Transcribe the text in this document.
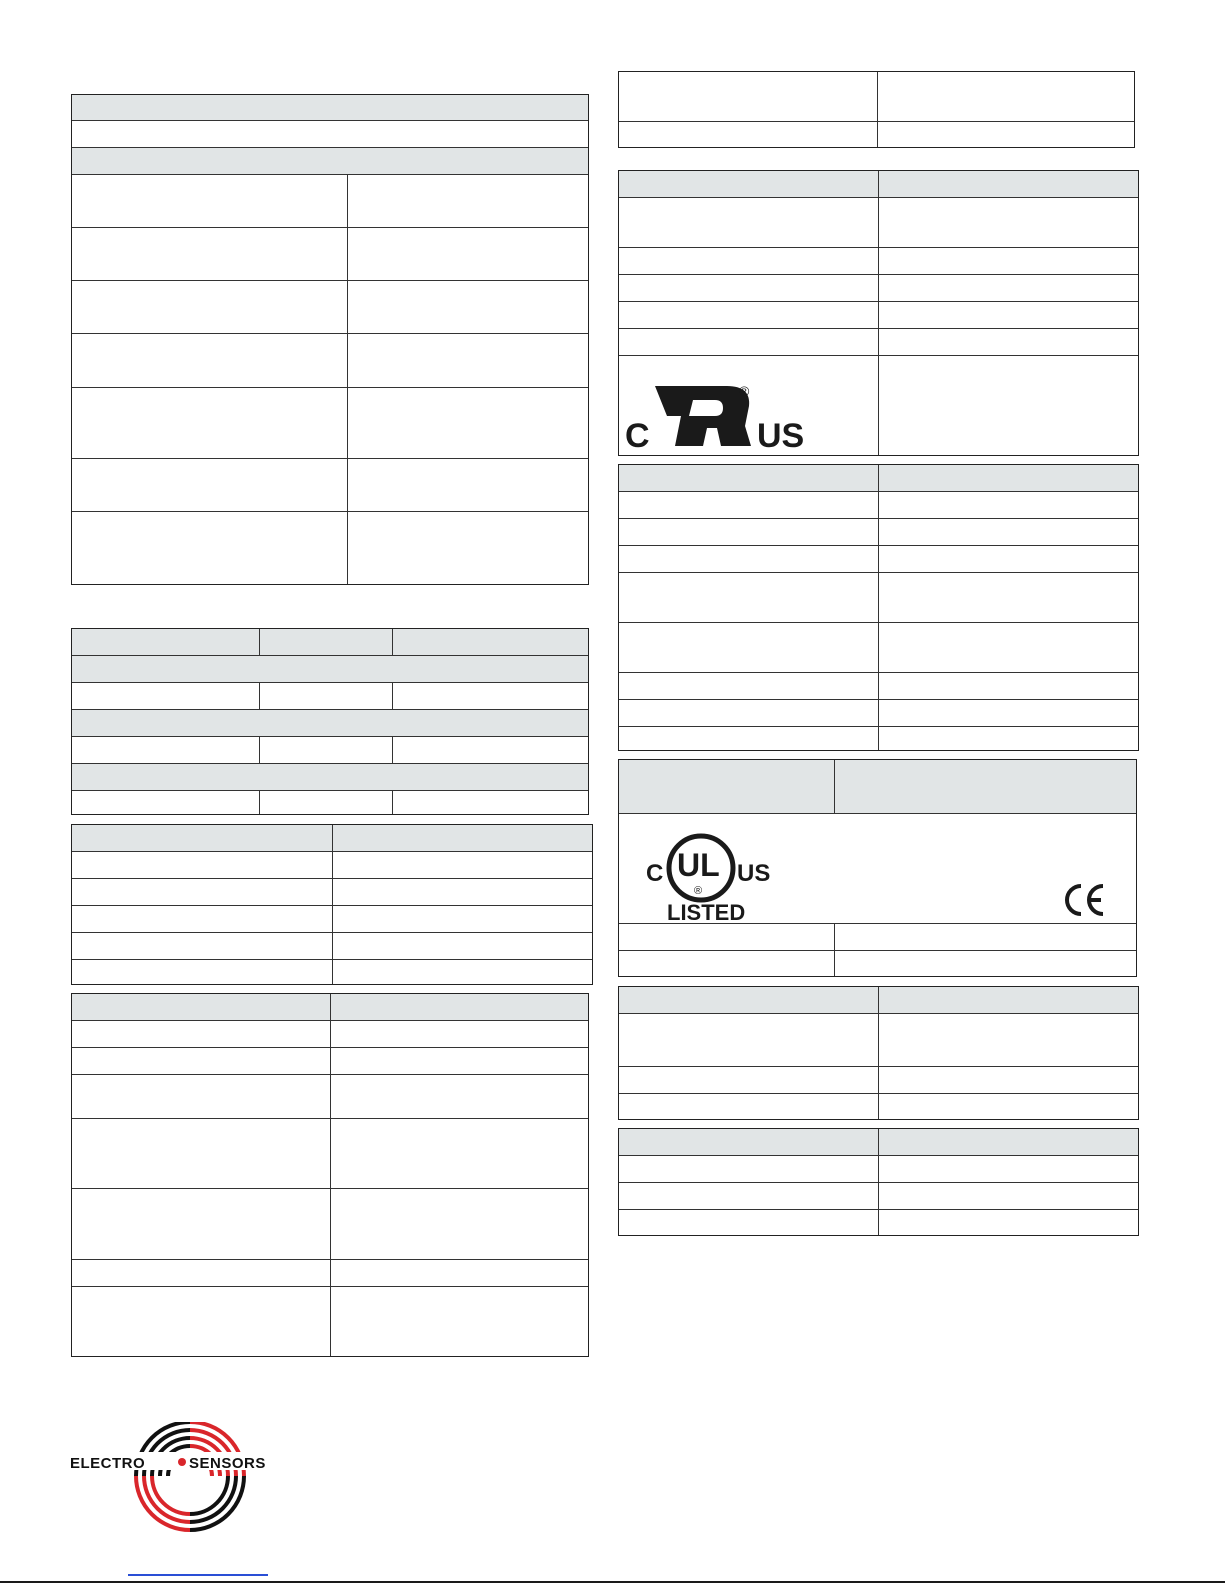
C
®
US
C UL
®
US
LISTED
ELECTRO	SENSORS
